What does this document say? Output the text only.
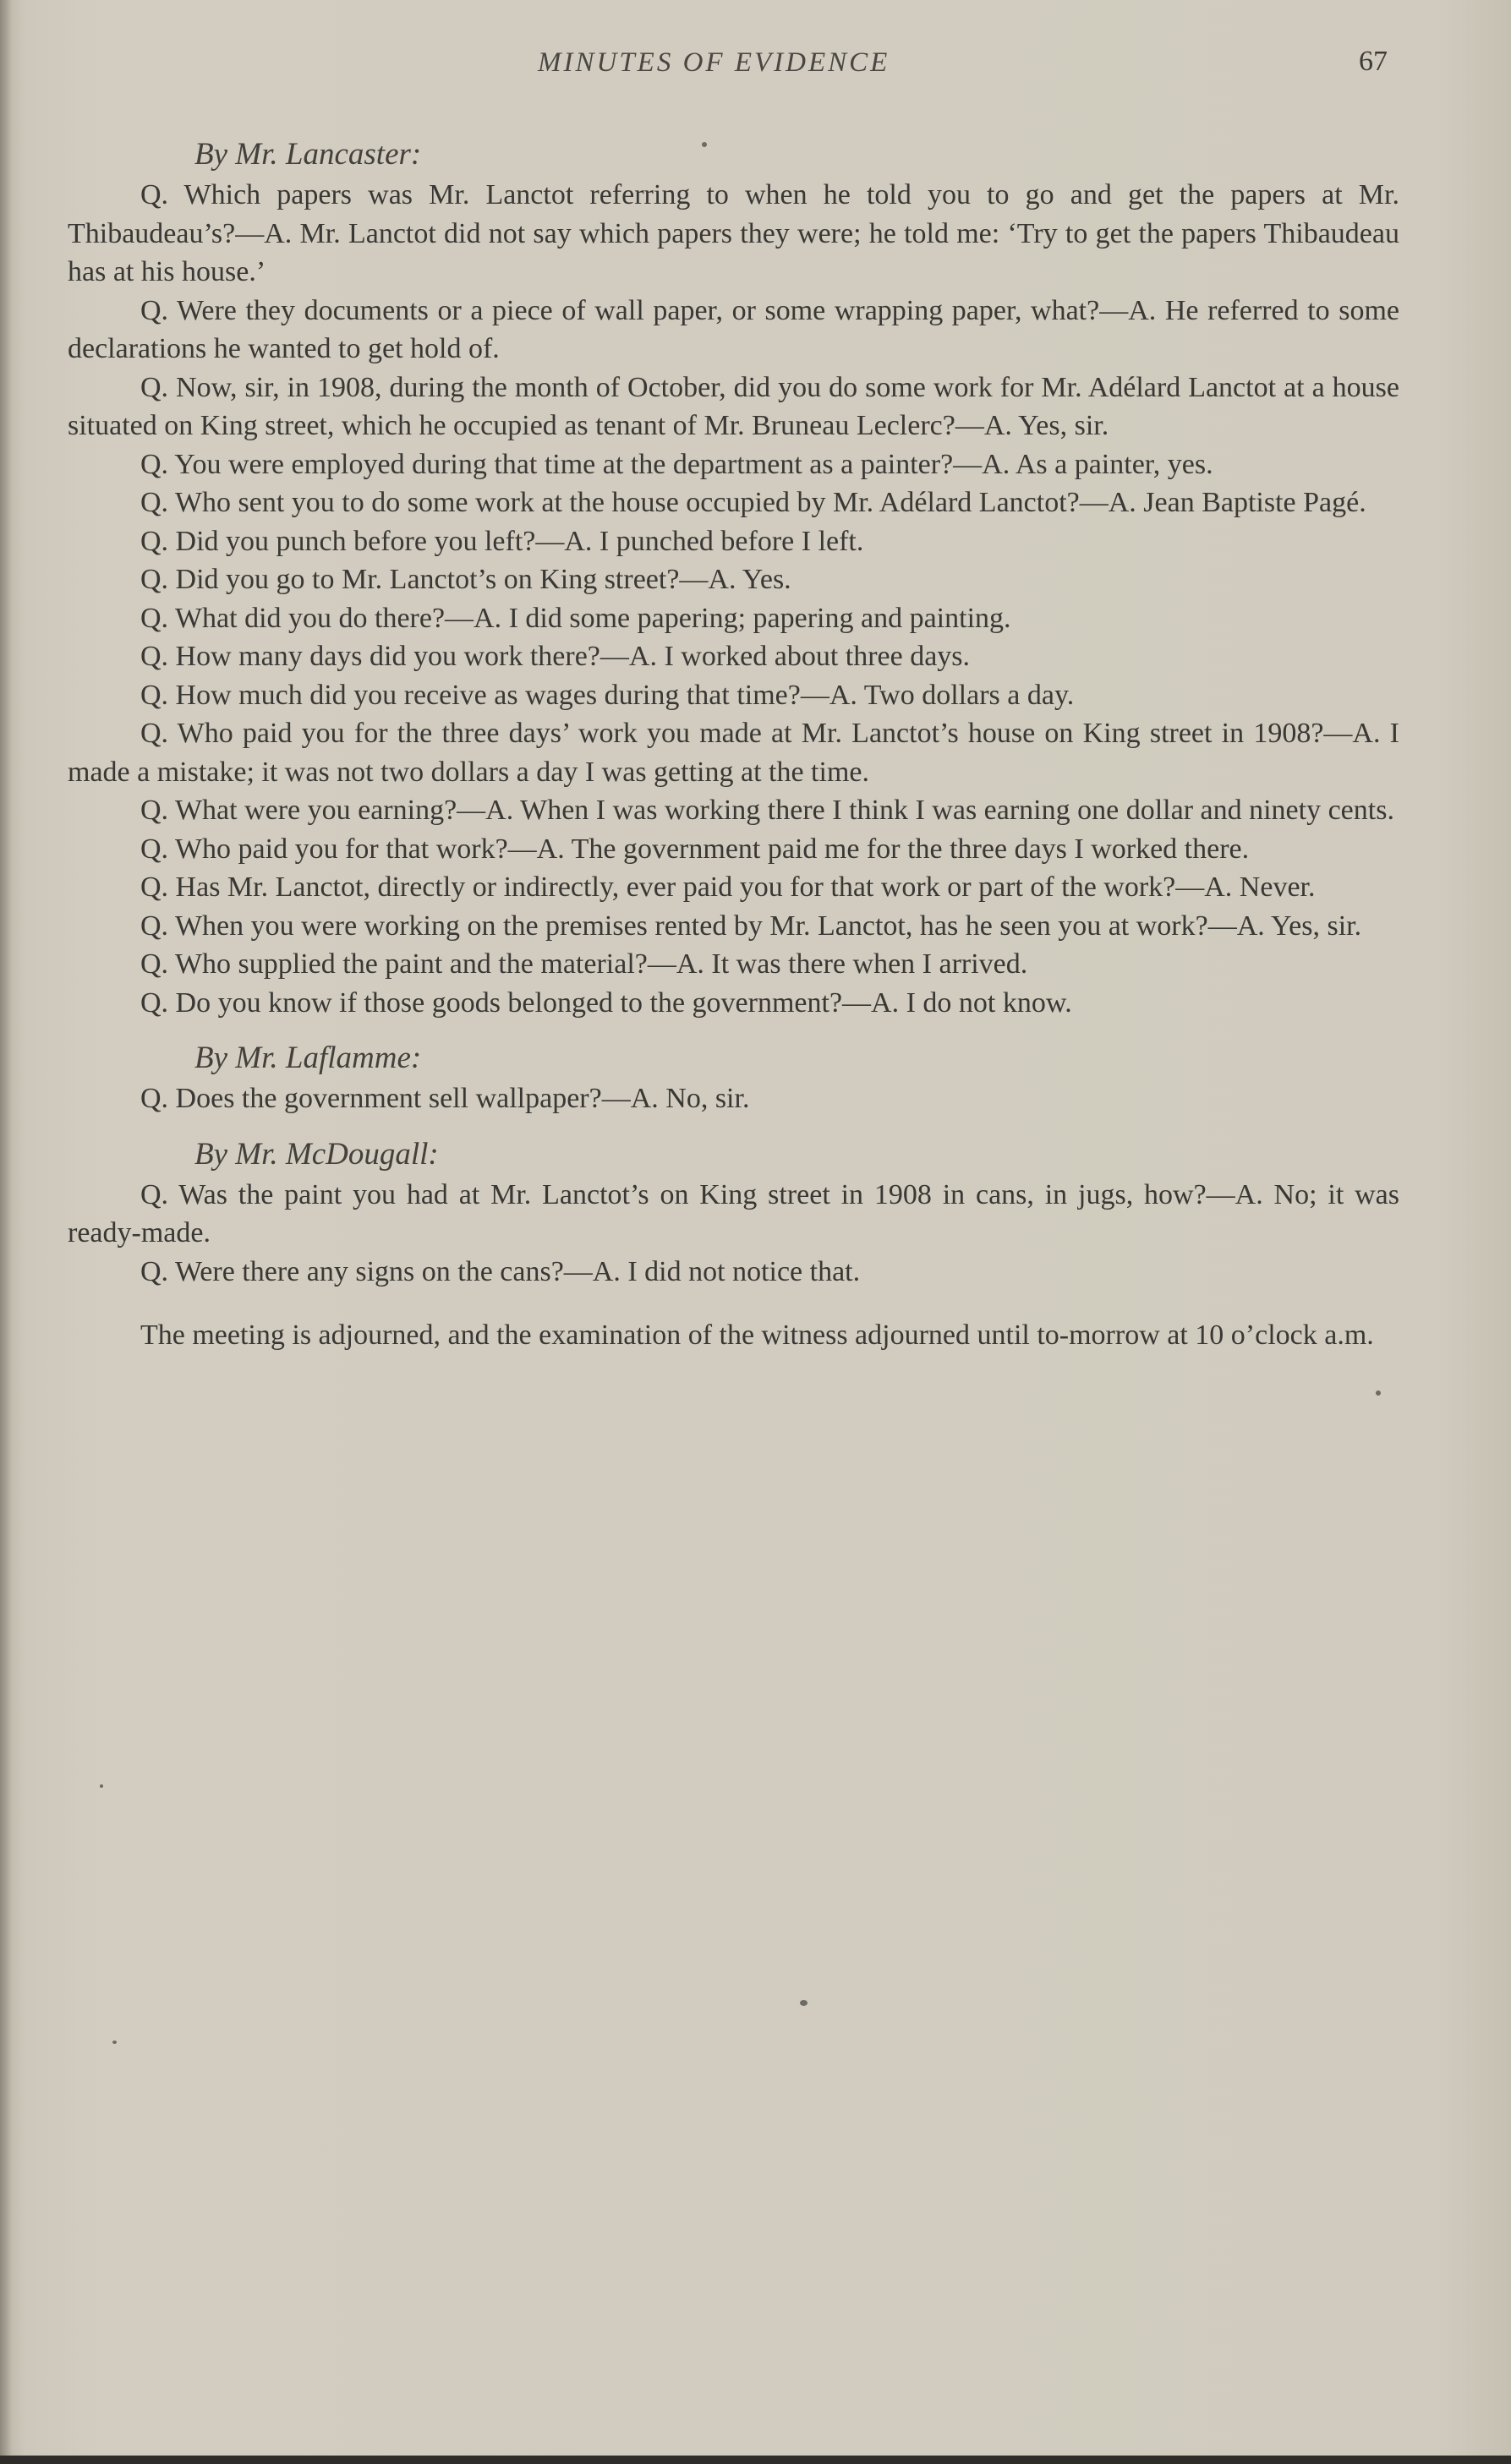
MINUTES OF EVIDENCE	67

By Mr. Lancaster:

Q. Which papers was Mr. Lanctot referring to when he told you to go and get the papers at Mr. Thibaudeau’s?—A. Mr. Lanctot did not say which papers they were; he told me: ‘Try to get the papers Thibaudeau has at his house.’

Q. Were they documents or a piece of wall paper, or some wrapping paper, what?—A. He referred to some declarations he wanted to get hold of.

Q. Now, sir, in 1908, during the month of October, did you do some work for Mr. Adélard Lanctot at a house situated on King street, which he occupied as tenant of Mr. Bruneau Leclerc?—A. Yes, sir.

Q. You were employed during that time at the department as a painter?—A. As a painter, yes.

Q. Who sent you to do some work at the house occupied by Mr. Adélard Lanctot?—A. Jean Baptiste Pagé.

Q. Did you punch before you left?—A. I punched before I left.

Q. Did you go to Mr. Lanctot’s on King street?—A. Yes.

Q. What did you do there?—A. I did some papering; papering and painting.

Q. How many days did you work there?—A. I worked about three days.

Q. How much did you receive as wages during that time?—A. Two dollars a day.

Q. Who paid you for the three days’ work you made at Mr. Lanctot’s house on King street in 1908?—A. I made a mistake; it was not two dollars a day I was getting at the time.

Q. What were you earning?—A. When I was working there I think I was earning one dollar and ninety cents.

Q. Who paid you for that work?—A. The government paid me for the three days I worked there.

Q. Has Mr. Lanctot, directly or indirectly, ever paid you for that work or part of the work?—A. Never.

Q. When you were working on the premises rented by Mr. Lanctot, has he seen you at work?—A. Yes, sir.

Q. Who supplied the paint and the material?—A. It was there when I arrived.

Q. Do you know if those goods belonged to the government?—A. I do not know.

By Mr. Laflamme:

Q. Does the government sell wallpaper?—A. No, sir.

By Mr. McDougall:

Q. Was the paint you had at Mr. Lanctot’s on King street in 1908 in cans, in jugs, how?—A. No; it was ready-made.

Q. Were there any signs on the cans?—A. I did not notice that.

The meeting is adjourned, and the examination of the witness adjourned until to-morrow at 10 o’clock a.m.
